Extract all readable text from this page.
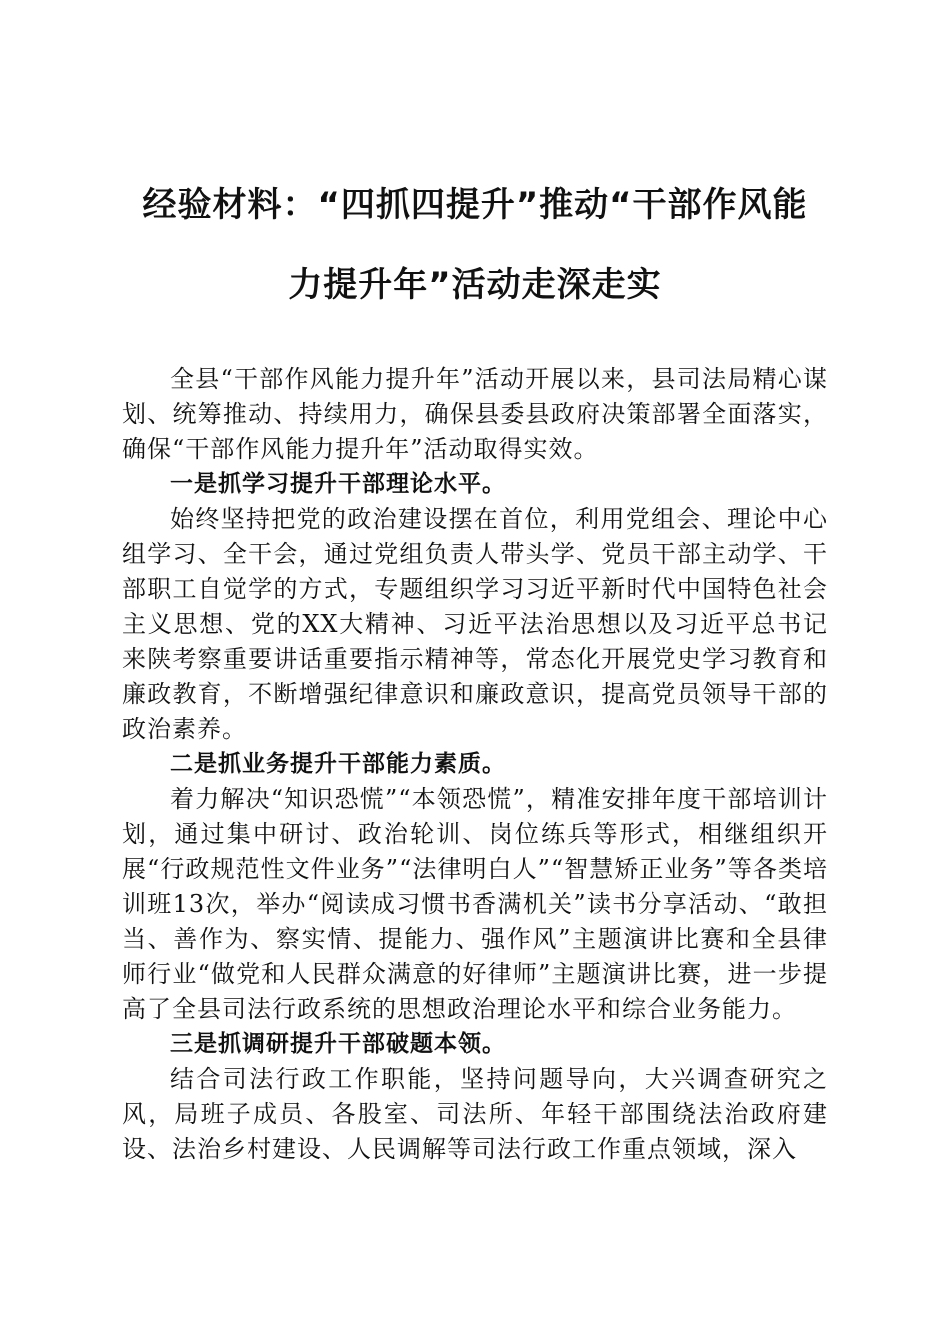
经验材料：“四抓四提升”推动“干部作风能
力提升年”活动走深走实

全县“干部作风能力提升年”活动开展以来，县司法局精心谋划、统筹推动、持续用力，确保县委县政府决策部署全面落实，确保“干部作风能力提升年”活动取得实效。

一是抓学习提升干部理论水平。

始终坚持把党的政治建设摆在首位，利用党组会、理论中心组学习、全干会，通过党组负责人带头学、党员干部主动学、干部职工自觉学的方式，专题组织学习习近平新时代中国特色社会主义思想、党的XX大精神、习近平法治思想以及习近平总书记来陕考察重要讲话重要指示精神等，常态化开展党史学习教育和廉政教育，不断增强纪律意识和廉政意识，提高党员领导干部的政治素养。

二是抓业务提升干部能力素质。

着力解决“知识恐慌”“本领恐慌”，精准安排年度干部培训计划，通过集中研讨、政治轮训、岗位练兵等形式，相继组织开展“行政规范性文件业务”“法律明白人”“智慧矫正业务”等各类培训班13次，举办“阅读成习惯书香满机关”读书分享活动、“敢担当、善作为、察实情、提能力、强作风”主题演讲比赛和全县律师行业“做党和人民群众满意的好律师”主题演讲比赛，进一步提高了全县司法行政系统的思想政治理论水平和综合业务能力。

三是抓调研提升干部破题本领。

结合司法行政工作职能，坚持问题导向，大兴调查研究之风，局班子成员、各股室、司法所、年轻干部围绕法治政府建设、法治乡村建设、人民调解等司法行政工作重点领域，深入
